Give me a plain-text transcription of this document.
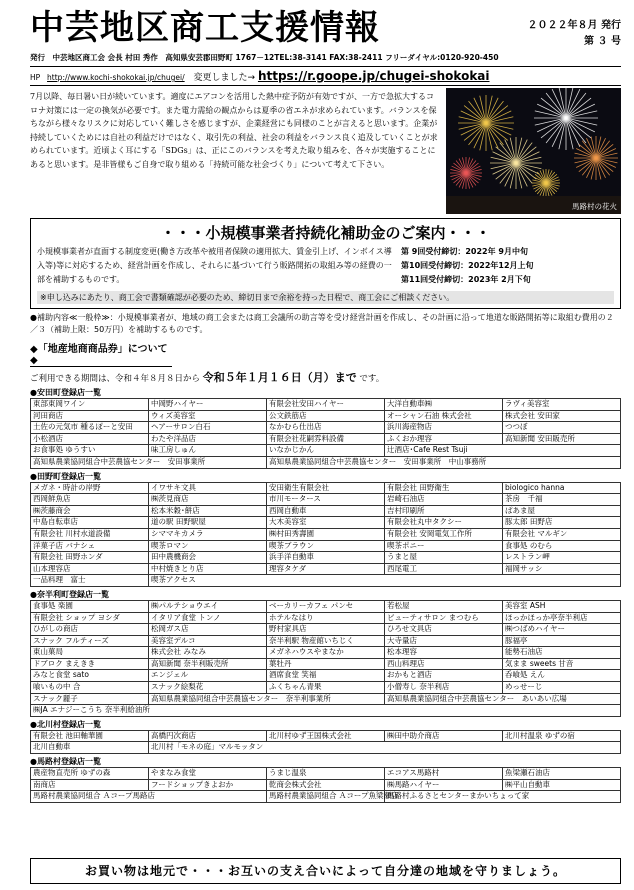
中芸地区商工支援情報	２０２２年８月 発行
第 ３ 号
発行　中芸地区商工会 会長 村田 秀作　高知県安芸郡田野町 1767－12TEL:38-3141 FAX:38-2411 フリーダイヤル:0120-920-450
HP http://www.kochi-shokokai.jp/chugei/ 変更しました→ https://r.goope.jp/chugei-shokokai
7月以降、毎日暑い日が続いています。適度にエアコンを活用した熱中症予防が有効ですが、一方で急拡大するコロナ対策には一定の換気が必要です。また電力需給の観点からは夏季の省エネが求められています。バランスを保ちながら様々なリスクに対応していく難しさを感じますが、企業経営にも同様のことが言えると思います。企業が持続していくためには自社の利益だけではなく、取引先の利益、社会の利益をバランス良く追及していくことが求められています。近頃よく耳にする「SDGs」は、正にこのバランスを考えた取り組みを、各々が実施することにあると思います。是非皆様もご自身で取り組める「持続可能な社会づくり」について考えて下さい。
馬路村の花火
・・・小規模事業者持続化補助金のご案内・・・
小規模事業者が直面する制度変更(働き方改革や被用者保険の適用拡大、賃金引上げ、インボイス導入等)等に対応するため、経営計画を作成し、それらに基づいて行う販路開拓の取組み等の経費の一部を補助するものです。
第 9回受付締切：2022年 9月中旬
第10回受付締切：2022年12月上旬
第11回受付締切：2023年 2月下旬
※申し込みにあたり、商工会で書類確認が必要のため、締切日まで余裕を持った日程で、商工会にご相談ください。
●補助内容≪一般枠≫：小規模事業者が、地域の商工会または商工会議所の助言等を受け経営計画を作成し、その計画に沿って地道な販路開拓等に取組む費用の２／３（補助上限：50万円）を補助するものです。
◆「地産地商商品券」について◆
ご利用できる期間は、令和４年８月８日から 令和５年１月１６日（月）まで です。
●安田町登録店一覧
東部東岡ワイン	中岡野ハイヤー	有限会社安田ハイヤー	大洋自動車㈱	ラヴィ美容室
河田商店	ウィズ美容室	公文鉄筋店	オーシャン石油 株式会社	株式会社 安田家
土佐の元気市 種るぽーと安田	ヘアーサロン白石	なかむら仕出店	浜川海産物店	つつぼ
小松酒店	わたや洋品店	有限会社花嗣雰料設備	ふくおか理容	高知新聞 安田販売所
お食事処 ゆうすい	味工房しゅん	いなかじかん	辻酒店･Cafe Rest Tsuji	
高知県農業協同組合中芸農協センター　安田事業所		高知県農業協同組合中芸農協センター　安田事業所　中山事務所		
●田野町登録店一覧
メガネ・時計の岸野	イワサキ文具	安田衛生有限会社	有限会社 田野衛生	biologico hanna
西岡鮮魚店	㈱茨見商店	市川モータース	岩崎石油店	茶房　千福
㈱茨藤商会	松本米穀･餅店	西岡自動車	吉村印刷所	ぱあま屋
中島自転車店	道の駅 田野駅屋	大木美容室	有限会社丸中タクシー	豚太郎 田野店
有限会社 川村水道設備	シママキカメラ	㈱村田秀壽園	有限会社 安岡電気工作所	有限会社 マルギン
洋菓子店 バナシェ	喫茶ロマン	喫茶ブラウン	喫茶ポニー	食事処 のむら
有限会社 田野ホンダ	田中農機商会	浜手洋自動車	うまと屋	レストラン岬
山本理容店	中村焼きとり店	理容タケダ	西尾電工	福岡サッシ
一品料理　富士	喫茶アクセス			
●奈半利町登録店一覧
食事処 楽園	㈱パルテショウエイ	ベーカリーカフェ パンセ	若松屋	美容室 ASH
有限会社 ショップ ヨシダ	イタリア食堂 トンノ	ホテルなはり	ビューティサロン まつむら	ほっかほっか亭奈半利店
ひがしの商店	松岡ガス店	野村家具店	ひろせ文具店	㈱つばめハイヤー
スナック フルティーズ	美容室デルコ	奈半利駅 物産館いちじく	大寺量店	豚福亭
東山菓局	株式会社 みなみ	メガネハウスやまなか	松本理容	能勢石油店
ドブロク まえきき	高知新聞 奈半利販売所	葉牡丹	西山料理店	気まま sweets 甘音
みなと食堂 sato	エンジェル	酒席食堂 笑福	おかもと酒店	呑喰処 えん
喰いもの中 合	スナック絵梨花	ふくちゃん青果	小僧寿し 奈半利店	めっせーじ
スナック麗子	高知県農業協同組合中芸農協センター　奈半利事業所		高知県農業協同組合中芸農協センター　あいあい広場	
㈱JA エナジーこうち 奈半利給油所				
●北川村登録店一覧
有限会社 池田軸華園	高橋円次商店	北川村ゆず王国株式会社	㈱田中助介商店	北川村温泉 ゆずの宿
北川自動車	北川村「モネの庭」マルモッタン			
●馬路村登録店一覧
農産物直売所 ゆずの森	やまなみ食堂	うまじ温泉	エコアス馬路村	魚梁瀬石油店
南商店	フードショップきよおか	乾商会株式会社	㈱馬路ハイヤー	㈱平山自動車
馬路村農業協同組合 Ａコープ馬路店		馬路村農業協同組合 Ａコープ魚梁瀬店	馬路村ふるさとセンターまかいちょって家	
お買い物は地元で・・・お互いの支え合いによって自分達の地域を守りましょう。
